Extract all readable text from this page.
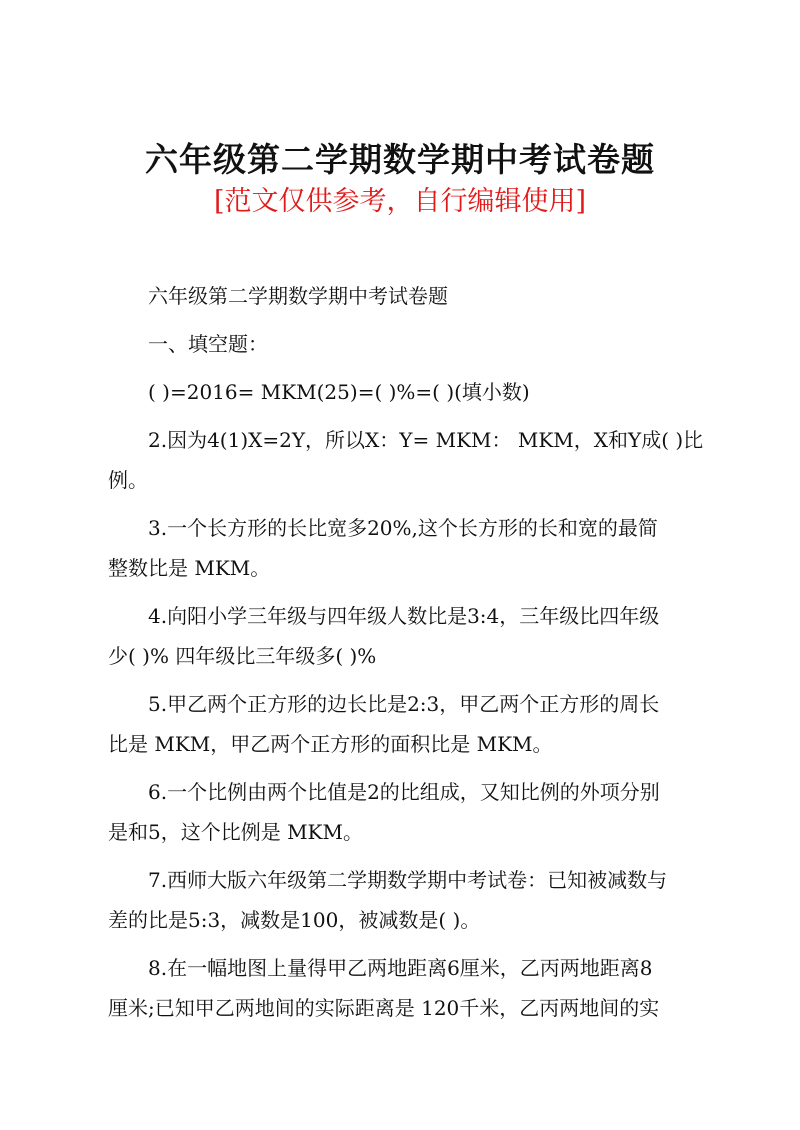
六年级第二学期数学期中考试卷题
[范文仅供参考，自行编辑使用]
六年级第二学期数学期中考试卷题
一、填空题：
( )=2016= MKM(25)=( )%=( )(填小数)
2.因为4(1)X=2Y，所以X：Y= MKM： MKM，X和Y成( )比
例。
3.一个长方形的长比宽多20%,这个长方形的长和宽的最简
整数比是 MKM。
4.向阳小学三年级与四年级人数比是3:4，三年级比四年级
少( )% 四年级比三年级多( )%
5.甲乙两个正方形的边长比是2:3，甲乙两个正方形的周长
比是 MKM，甲乙两个正方形的面积比是 MKM。
6.一个比例由两个比值是2的比组成，又知比例的外项分别
是和5，这个比例是 MKM。
7.西师大版六年级第二学期数学期中考试卷：已知被减数与
差的比是5:3，减数是100，被减数是( )。
8.在一幅地图上量得甲乙两地距离6厘米，乙丙两地距离8
厘米;已知甲乙两地间的实际距离是 120千米，乙丙两地间的实
